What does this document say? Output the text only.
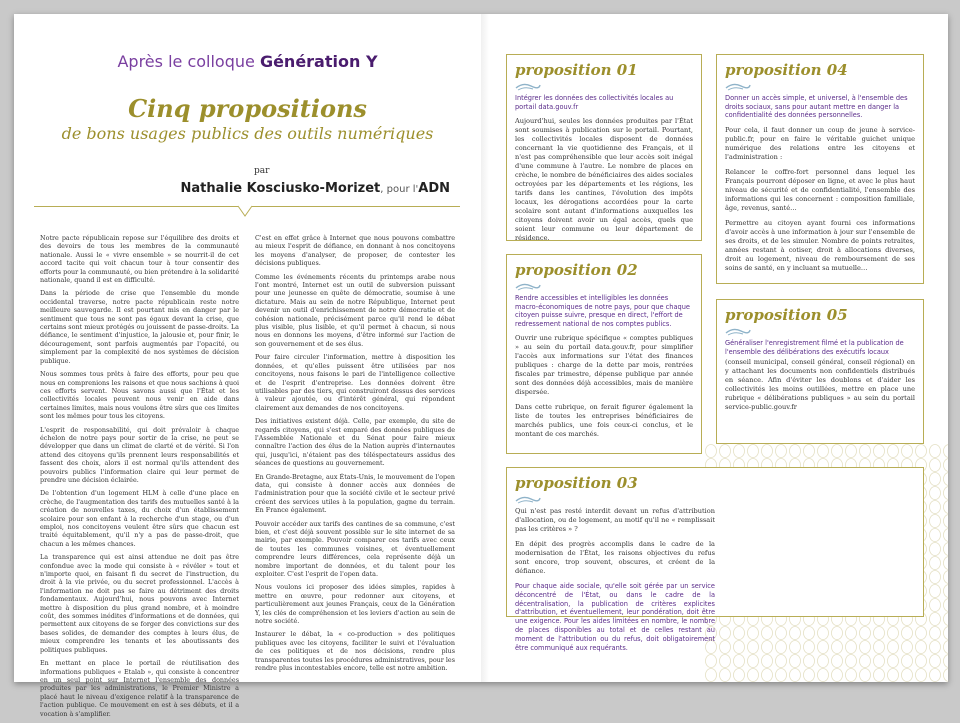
Après le colloque Génération Y
Cinq propositions
de bons usages publics des outils numériques
par
Nathalie Kosciusko-Morizet, pour l'ADN

Notre pacte républicain repose sur l'équilibre des droits et des devoirs de tous les membres de la communauté nationale. Aussi le « vivre ensemble » se nourrit-il de cet accord tacite qui voit chacun tour à tour consentir des efforts pour la communauté, ou bien prétendre à la solidarité nationale, quand il est en difficulté.

Dans la période de crise que l'ensemble du monde occidental traverse, notre pacte républicain reste notre meilleure sauvegarde. Il est pourtant mis en danger par le sentiment que tous ne sont pas égaux devant la crise, que certains sont mieux protégés ou jouissent de passe-droits. La défiance, le sentiment d'injustice, la jalousie et, pour finir, le découragement, sont parfois augmentés par l'opacité, ou simplement par la complexité de nos systèmes de décision publique.

Nous sommes tous prêts à faire des efforts, pour peu que nous en comprenions les raisons et que nous sachions à quoi ces efforts servent. Nous savons aussi que l'État et les collectivités locales peuvent nous venir en aide dans certaines limites, mais nous voulons être sûrs que ces limites sont les mêmes pour tous les citoyens.

L'esprit de responsabilité, qui doit prévaloir à chaque échelon de notre pays pour sortir de la crise, ne peut se développer que dans un climat de clarté et de vérité. Si l'on attend des citoyens qu'ils prennent leurs responsabilités et fassent des choix, alors il est normal qu'ils attendent des pouvoirs publics l'information claire qui leur permet de prendre une décision éclairée.

De l'obtention d'un logement HLM à celle d'une place en crèche, de l'augmentation des tarifs des mutuelles santé à la création de nouvelles taxes, du choix d'un établissement scolaire pour son enfant à la recherche d'un stage, ou d'un emploi, nos concitoyens veulent être sûrs que chacun est traité équitablement, qu'il n'y a pas de passe-droit, que chacun a les mêmes chances.

La transparence qui est ainsi attendue ne doit pas être confondue avec la mode qui consiste à « révéler » tout et n'importe quoi, en faisant fi du secret de l'instruction, du droit à la vie privée, ou du secret professionnel. L'accès à l'information ne doit pas se faire au détriment des droits fondamentaux. Aujourd'hui, nous pouvons avec Internet mettre à disposition du plus grand nombre, et à moindre coût, des sommes inédites d'informations et de données, qui permettent aux citoyens de se forger des convictions sur des bases solides, de demander des comptes à leurs élus, de mieux comprendre les tenants et les aboutissants des politiques publiques.

En mettant en place le portail de réutilisation des informations publiques « Etalab », qui consiste à concentrer en un seul point sur Internet l'ensemble des données produites par les administrations, le Premier Ministre a placé haut le niveau d'exigence relatif à la transparence de l'action publique. Ce mouvement en est à ses débuts, et il a vocation à s'amplifier.

C'est en effet grâce à Internet que nous pouvons combattre au mieux l'esprit de défiance, en donnant à nos concitoyens les moyens d'analyser, de proposer, de contester les décisions publiques.

Comme les événements récents du printemps arabe nous l'ont montré, Internet est un outil de subversion puissant pour une jeunesse en quête de démocratie, soumise à une dictature. Mais au sein de notre République, Internet peut devenir un outil d'enrichissement de notre démocratie et de cohésion nationale, précisément parce qu'il rend le débat plus visible, plus lisible, et qu'il permet à chacun, si nous nous en donnons les moyens, d'être informé sur l'action de son gouvernement et de ses élus.

Pour faire circuler l'information, mettre à disposition les données, et qu'elles puissent être utilisées par nos concitoyens, nous faisons le pari de l'intelligence collective et de l'esprit d'entreprise. Les données doivent être utilisables par des tiers, qui construiront dessus des services à valeur ajoutée, ou d'intérêt général, qui répondent clairement aux demandes de nos concitoyens.

Des initiatives existent déjà. Celle, par exemple, du site de regards citoyens, qui s'est emparé des données publiques de l'Assemblée Nationale et du Sénat pour faire mieux connaître l'action des élus de la Nation auprès d'internautes qui, jusqu'ici, n'étaient pas des téléspectateurs assidus des séances de questions au gouvernement.

En Grande-Bretagne, aux États-Unis, le mouvement de l'open data, qui consiste à donner accès aux données de l'administration pour que la société civile et le secteur privé créent des services utiles à la population, gagne du terrain. En France également.

Pouvoir accéder aux tarifs des cantines de sa commune, c'est bien, et c'est déjà souvent possible sur le site internet de sa mairie, par exemple. Pouvoir comparer ces tarifs avec ceux de toutes les communes voisines, et éventuellement comprendre leurs différences, cela représente déjà un nombre important de données, et du talent pour les exploiter. C'est l'esprit de l'open data.

Nous voulons ici proposer des idées simples, rapides à mettre en œuvre, pour redonner aux citoyens, et particulièrement aux jeunes Français, ceux de la Génération Y, les clés de compréhension et les leviers d'action au sein de notre société.

Instaurer le débat, la « co-production » des politiques publiques avec les citoyens, faciliter le suivi et l'évaluation de ces politiques et de nos décisions, rendre plus transparentes toutes les procédures administratives, pour les rendre plus incontestables encore, telle est notre ambition.

proposition 01

Intégrer les données des collectivités locales au portail data.gouv.fr

Aujourd'hui, seules les données produites par l'État sont soumises à publication sur le portail. Pourtant, les collectivités locales disposent de données concernant la vie quotidienne des Français, et il n'est pas compréhensible que leur accès soit inégal d'une commune à l'autre. Le nombre de places en crèche, le nombre de bénéficiaires des aides sociales octroyées par les départements et les régions, les tarifs dans les cantines, l'évolution des impôts locaux, les dérogations accordées pour la carte scolaire sont autant d'informations auxquelles les citoyens doivent avoir un égal accès, quels que soient leur commune ou leur département de résidence.

proposition 04

Donner un accès simple, et universel, à l'ensemble des droits sociaux, sans pour autant mettre en danger la confidentialité des données personnelles.

Pour cela, il faut donner un coup de jeune à service-public.fr, pour en faire le véritable guichet unique numérique des relations entre les citoyens et l'administration :

Relancer le coffre-fort personnel dans lequel les Français pourront déposer en ligne, et avec le plus haut niveau de sécurité et de confidentialité, l'ensemble des informations qui les concernent : composition familiale, âge, revenus, santé…

Permettre au citoyen ayant fourni ces informations d'avoir accès à une information à jour sur l'ensemble de ses droits, et de les simuler. Nombre de points retraites, années restant à cotiser, droit à allocations diverses, droit au logement, niveau de remboursement de ses soins de santé, en y incluant sa mutuelle…

proposition 02

Rendre accessibles et intelligibles les données macro-économiques de notre pays, pour que chaque citoyen puisse suivre, presque en direct, l'effort de redressement national de nos comptes publics.

Ouvrir une rubrique spécifique « comptes publiques » au sein du portail data.gouv.fr, pour simplifier l'accès aux informations sur l'état des finances publiques : charge de la dette par mois, rentrées fiscales par trimestre, dépense publique par année sont des données déjà accessibles, mais de manière dispersée.

Dans cette rubrique, on ferait figurer également la liste de toutes les entreprises bénéficiaires de marchés publics, une fois ceux-ci conclus, et le montant de ces marchés.

proposition 05

Généraliser l'enregistrement filmé et la publication de l'ensemble des délibérations des exécutifs locaux

(conseil municipal, conseil général, conseil régional) en y attachant les documents non confidentiels distribués en séance. Afin d'éviter les doublons et d'aider les collectivités les moins outillées, mettre en place une rubrique « délibérations publiques » au sein du portail service-public.gouv.fr

proposition 03

Qui n'est pas resté interdit devant un refus d'attribution d'allocation, ou de logement, au motif qu'il ne « remplissait pas les critères » ?

En dépit des progrès accomplis dans le cadre de la modernisation de l'État, les raisons objectives du refus sont encore, trop souvent, obscures, et créent de la défiance.

Pour chaque aide sociale, qu'elle soit gérée par un service déconcentré de l'État, ou dans le cadre de la décentralisation, la publication de critères explicites d'attribution, et éventuellement, leur pondération, doit être une exigence. Pour les aides limitées en nombre, le nombre de places disponibles au total et de celles restant au moment de l'attribution ou du refus, doit obligatoirement être communiqué aux requérants.
